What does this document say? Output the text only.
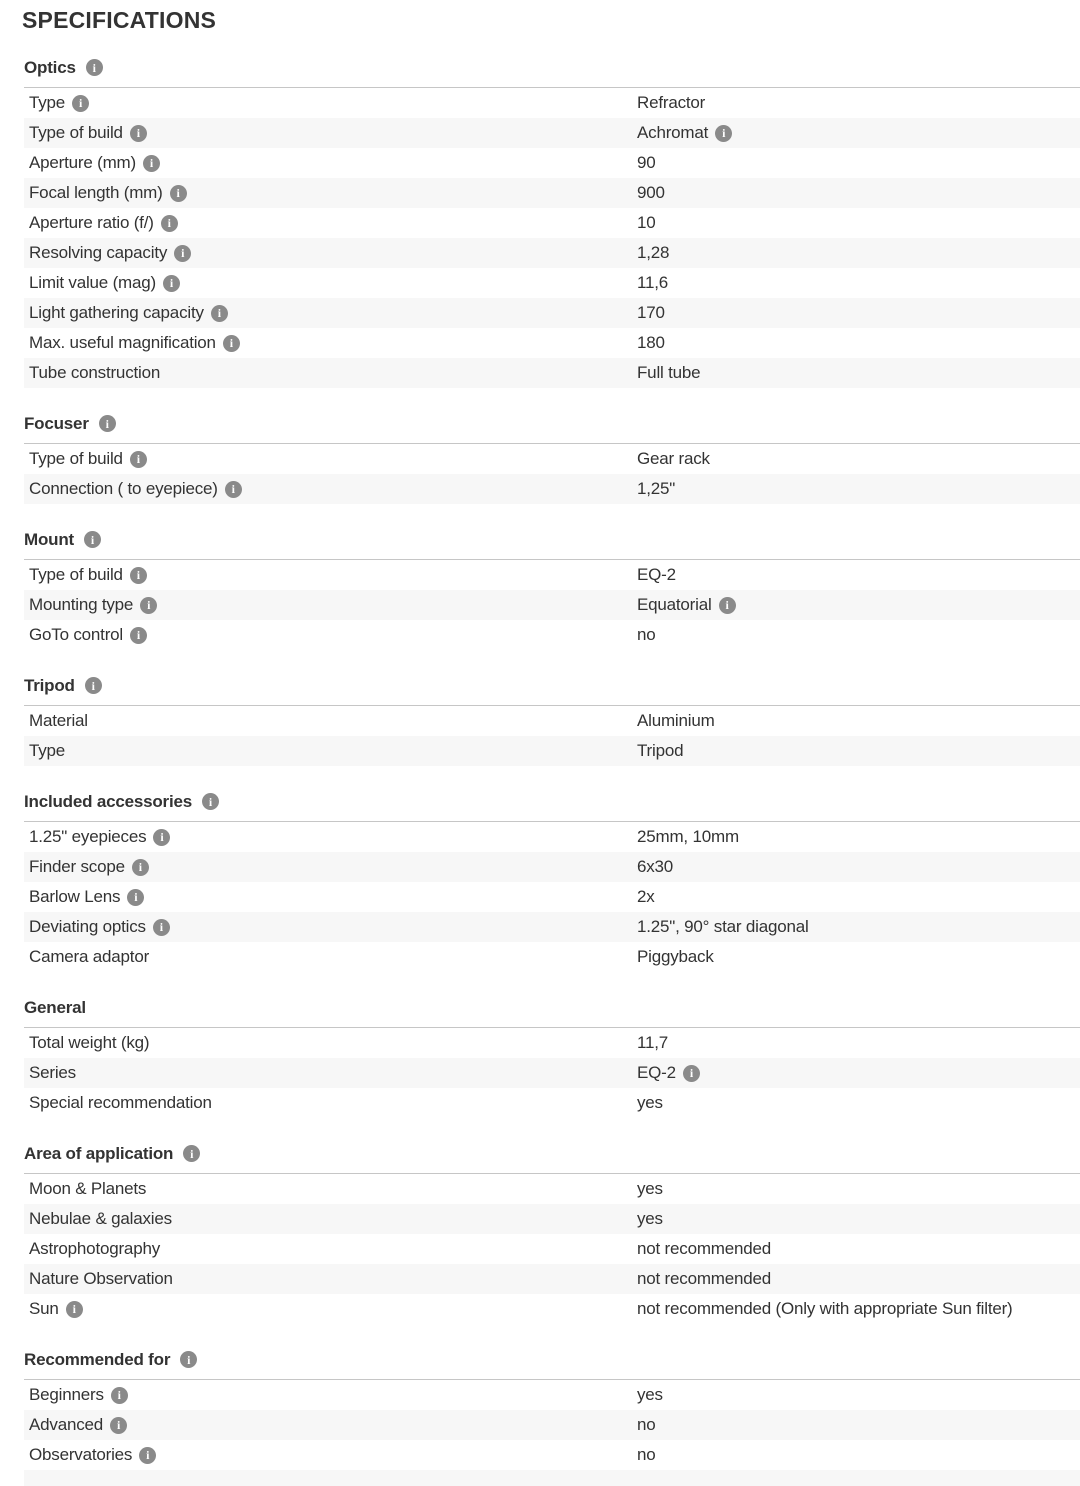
SPECIFICATIONS
Optics	i
Type	i	Refractor
Type of build	i	Achromat	i
Aperture (mm)	i	90
Focal length (mm)	i	900
Aperture ratio (f/)	i	10
Resolving capacity	i	1,28
Limit value (mag)	i	11,6
Light gathering capacity	i	170
Max. useful magnification	i	180
Tube construction	Full tube
Focuser	i
Type of build	i	Gear rack
Connection ( to eyepiece)	i	1,25"
Mount	i
Type of build	i	EQ-2
Mounting type	i	Equatorial	i
GoTo control	i	no
Tripod	i
Material	Aluminium
Type	Tripod
Included accessories	i
1.25" eyepieces	i	25mm, 10mm
Finder scope	i	6x30
Barlow Lens	i	2x
Deviating optics	i	1.25", 90° star diagonal
Camera adaptor	Piggyback
General
Total weight (kg)	11,7
Series	EQ-2	i
Special recommendation	yes
Area of application	i
Moon & Planets	yes
Nebulae & galaxies	yes
Astrophotography	not recommended
Nature Observation	not recommended
Sun	i	not recommended (Only with appropriate Sun filter)
Recommended for	i
Beginners	i	yes
Advanced	i	no
Observatories	i	no
